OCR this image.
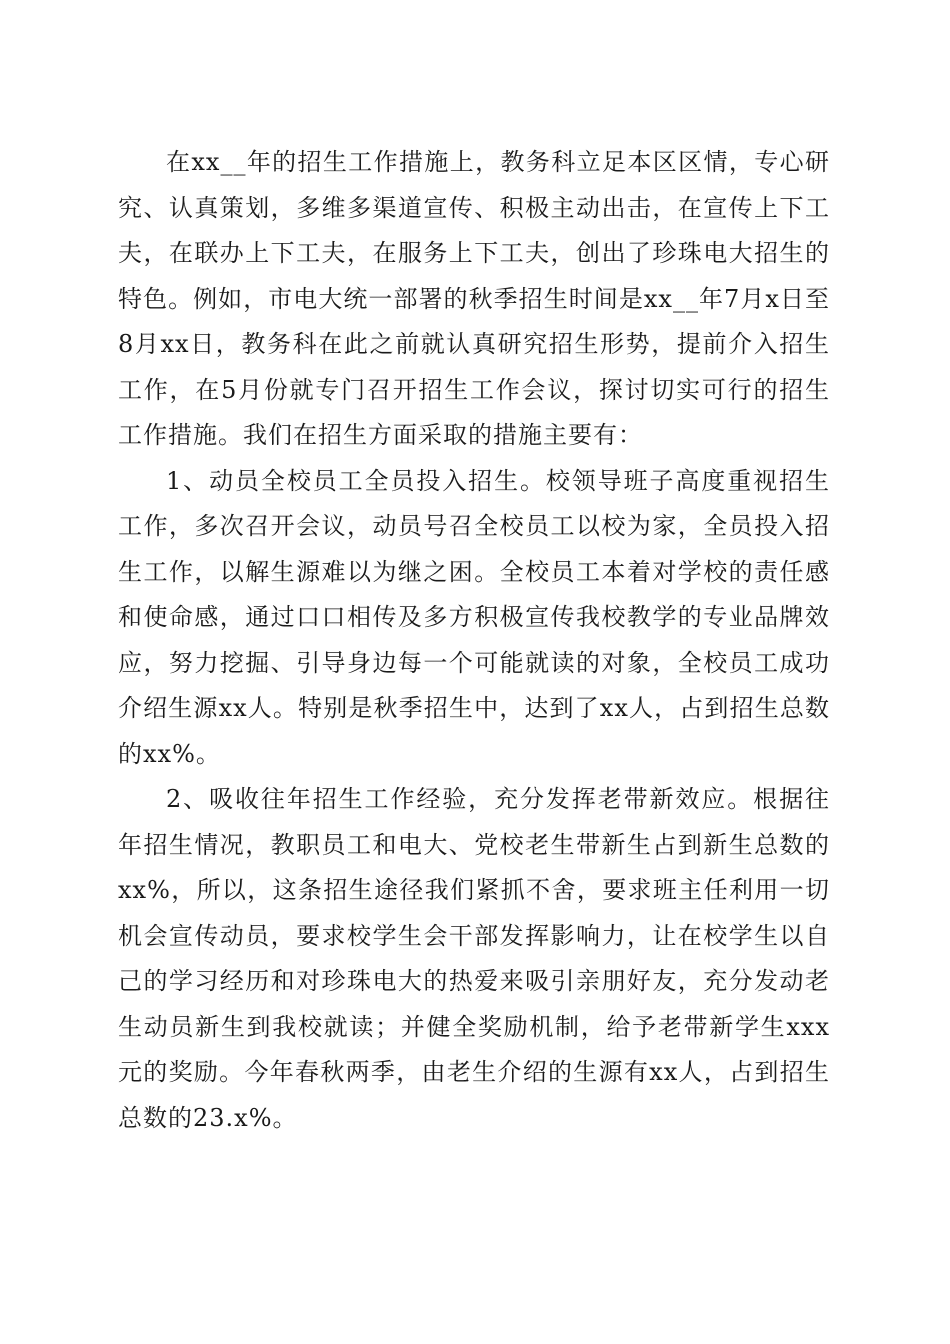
在xx__年的招生工作措施上，教务科立足本区区情，专心研究、认真策划，多维多渠道宣传、积极主动出击，在宣传上下工夫，在联办上下工夫，在服务上下工夫，创出了珍珠电大招生的特色。例如，市电大统一部署的秋季招生时间是xx__年7月x日至8月xx日，教务科在此之前就认真研究招生形势，提前介入招生工作，在5月份就专门召开招生工作会议，探讨切实可行的招生工作措施。我们在招生方面采取的措施主要有：

1、动员全校员工全员投入招生。校领导班子高度重视招生工作，多次召开会议，动员号召全校员工以校为家，全员投入招生工作，以解生源难以为继之困。全校员工本着对学校的责任感和使命感，通过口口相传及多方积极宣传我校教学的专业品牌效应，努力挖掘、引导身边每一个可能就读的对象，全校员工成功介绍生源xx人。特别是秋季招生中，达到了xx人，占到招生总数的xx%。

2、吸收往年招生工作经验，充分发挥老带新效应。根据往年招生情况，教职员工和电大、党校老生带新生占到新生总数的xx%，所以，这条招生途径我们紧抓不舍，要求班主任利用一切机会宣传动员，要求校学生会干部发挥影响力，让在校学生以自己的学习经历和对珍珠电大的热爱来吸引亲朋好友，充分发动老生动员新生到我校就读；并健全奖励机制，给予老带新学生xxx元的奖励。今年春秋两季，由老生介绍的生源有xx人，占到招生总数的23.x%。
